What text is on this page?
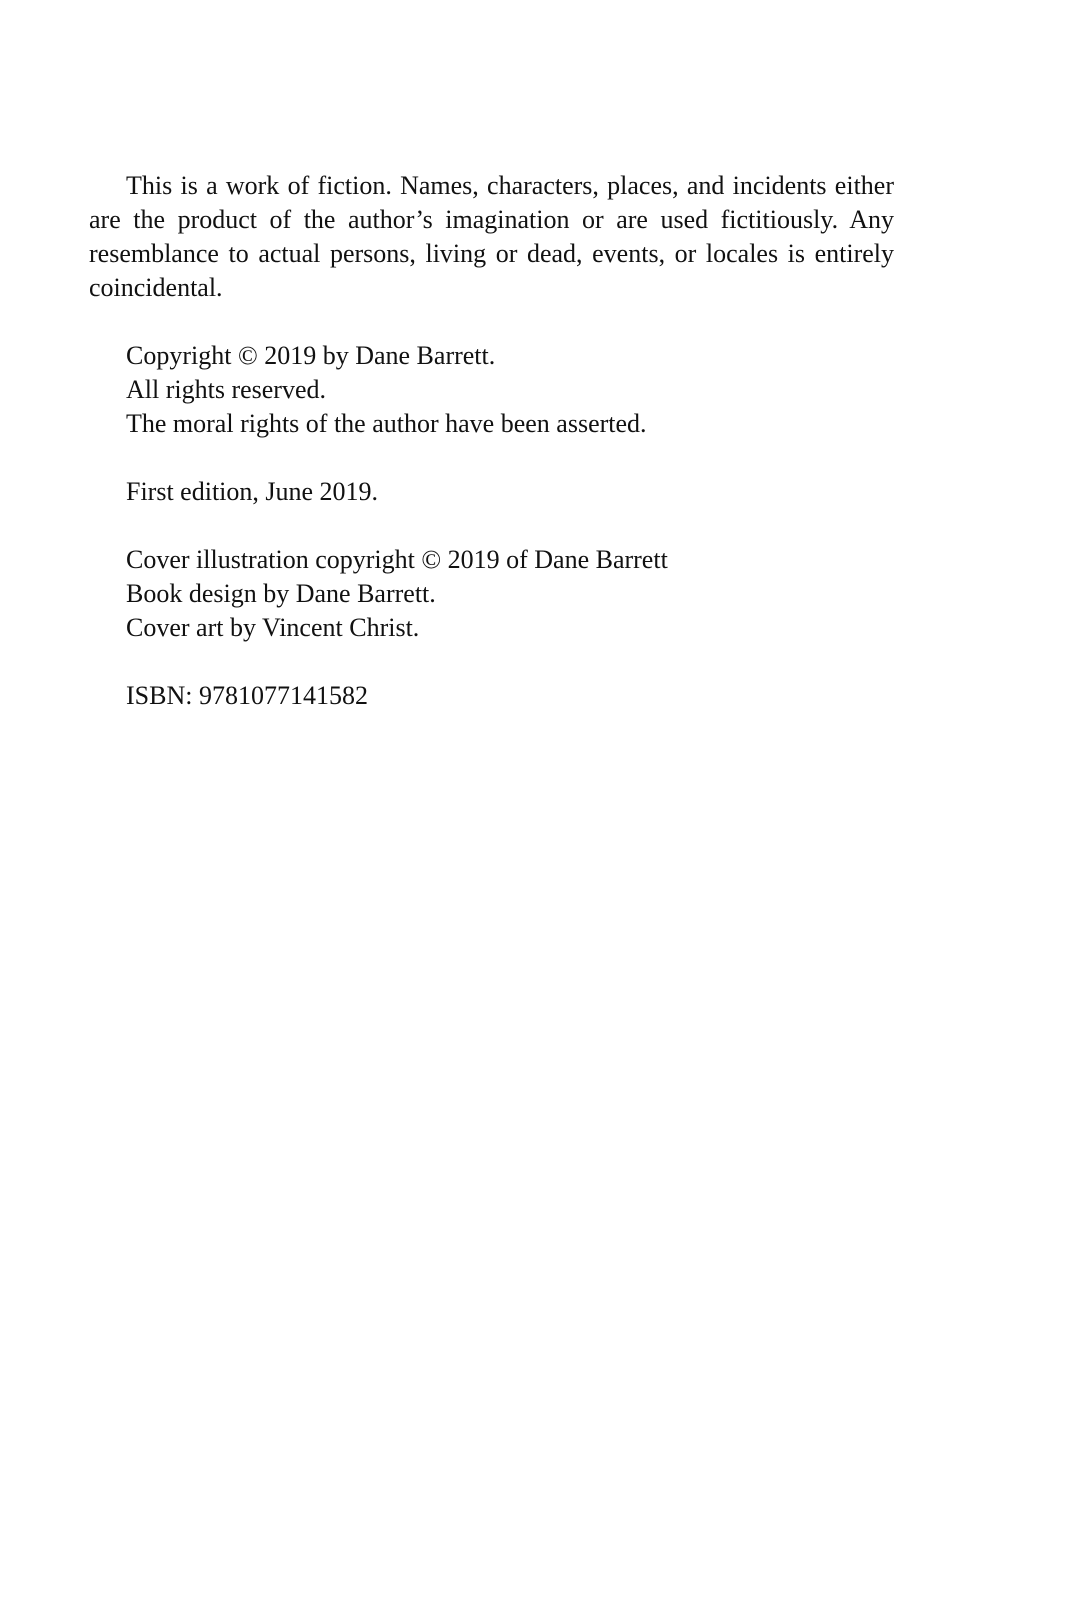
This is a work of fiction. Names, characters, places, and incidents either are the product of the author’s imagination or are used fictitiously. Any resemblance to actual persons, living or dead, events, or locales is entirely coincidental.

Copyright © 2019 by Dane Barrett.
All rights reserved.
The moral rights of the author have been asserted.
First edition, June 2019.
Cover illustration copyright © 2019 of Dane Barrett
Book design by Dane Barrett.
Cover art by Vincent Christ.
ISBN: 9781077141582
